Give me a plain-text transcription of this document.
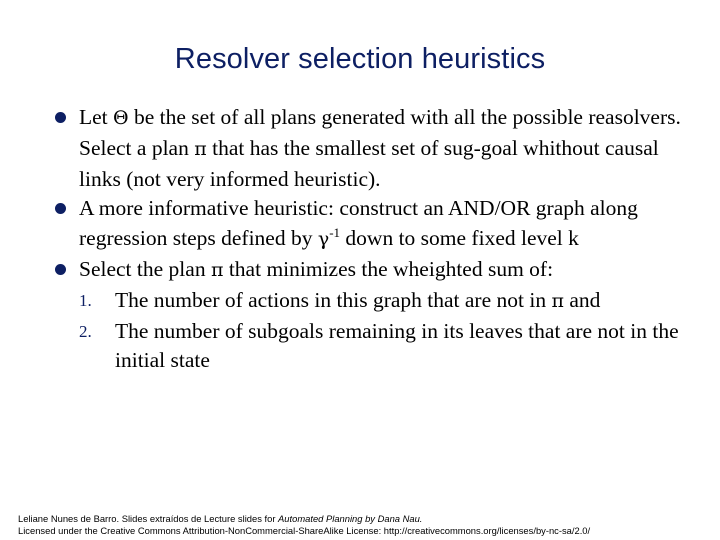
Resolver selection heuristics

Let Θ be the set of all plans generated with all the possible reasolvers. Select a plan π that has the smallest set of sug-goal whithout causal links (not very informed heuristic).

A more informative heuristic: construct an AND/OR graph along regression steps defined by $\gamma^{-1}$ down to some fixed level k

Select the plan π that minimizes the wheighted sum of:
1. The number of actions in this graph that are not in π and
2. The number of subgoals remaining in its leaves that are not in the initial state
Leliane Nunes de Barro. Slides extraídos de Lecture slides for Automated Planning by Dana Nau.
Licensed under the Creative Commons Attribution-NonCommercial-ShareAlike License: http://creativecommons.org/licenses/by-nc-sa/2.0/
